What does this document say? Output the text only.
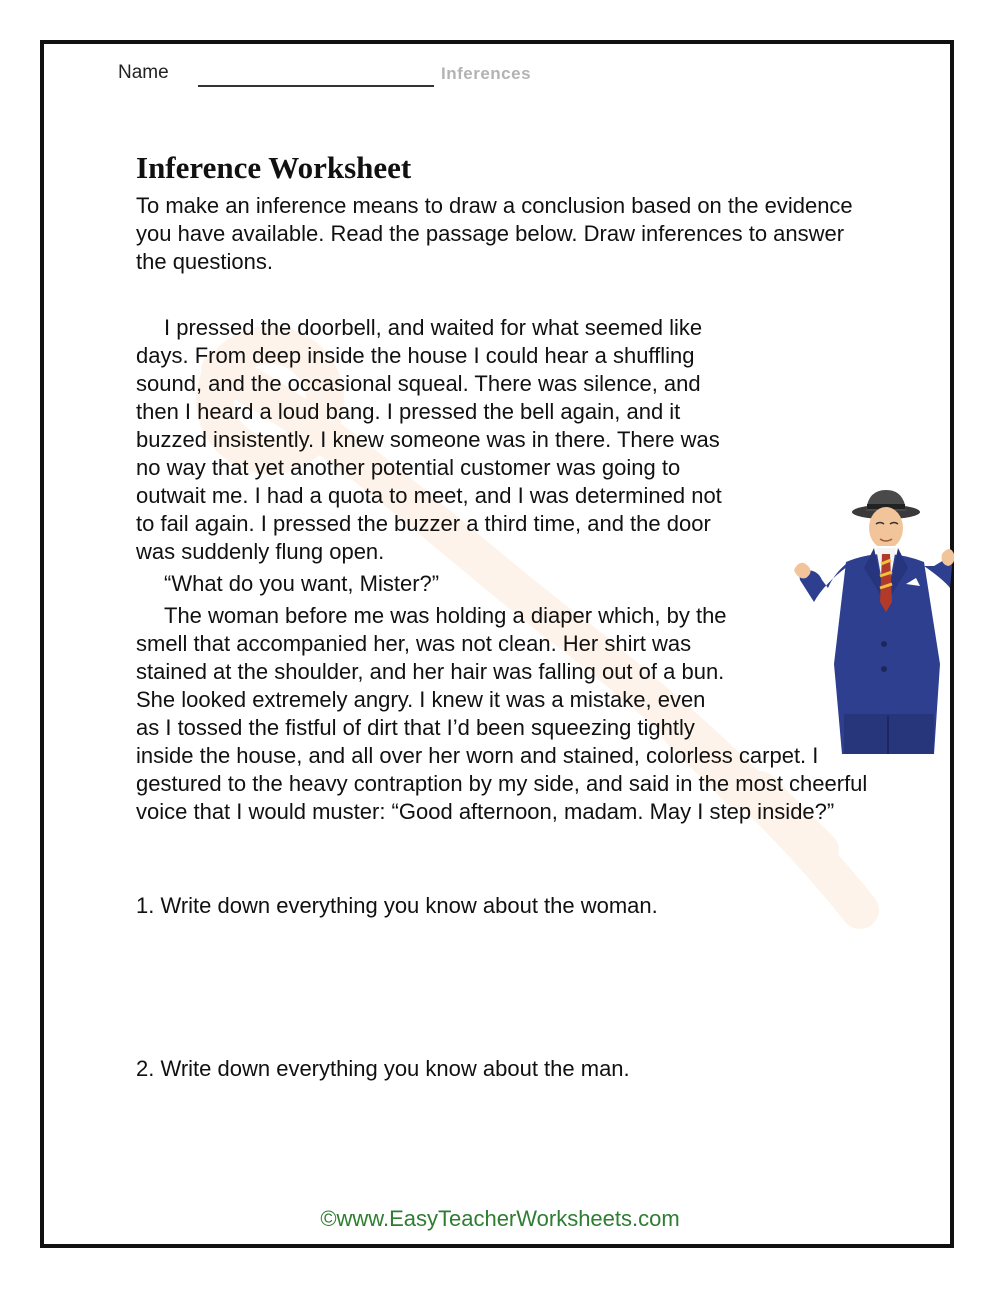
Name	Inferences
Inference Worksheet
To make an inference means to draw a conclusion based on the evidence you have available. Read the passage below. Draw inferences to answer the questions.

I pressed the doorbell, and waited for what seemed like days. From deep inside the house I could hear a shuffling sound, and the occasional squeal. There was silence, and then I heard a loud bang. I pressed the bell again, and it buzzed insistently. I knew someone was in there. There was no way that yet another potential customer was going to outwait me. I had a quota to meet, and I was determined not to fail again. I pressed the buzzer a third time, and the door was suddenly flung open.

“What do you want, Mister?”

The woman before me was holding a diaper which, by the smell that accompanied her, was not clean. Her shirt was stained at the shoulder, and her hair was falling out of a bun. She looked extremely angry. I knew it was a mistake, even as I tossed the fistful of dirt that I’d been squeezing tightly inside the house, and all over her worn and stained, colorless carpet. I gestured to the heavy contraption by my side, and said in the most cheerful voice that I would muster: “Good afternoon, madam. May I step inside?”

1. Write down everything you know about the woman.
2. Write down everything you know about the man.
©www.EasyTeacherWorksheets.com
